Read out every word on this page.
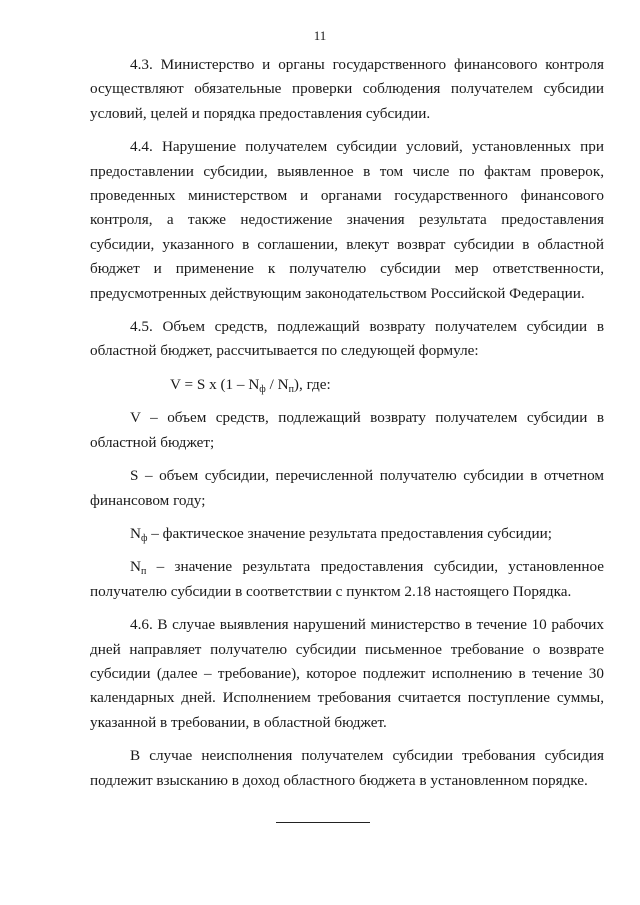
11

4.3. Министерство и органы государственного финансового контроля осуществляют обязательные проверки соблюдения получателем субсидии условий, целей и порядка предоставления субсидии.

4.4. Нарушение получателем субсидии условий, установленных при предоставлении субсидии, выявленное в том числе по фактам проверок, проведенных министерством и органами государственного финансового контроля, а также недостижение значения результата предоставления субсидии, указанного в соглашении, влекут возврат субсидии в областной бюджет и применение к получателю субсидии мер ответственности, предусмотренных действующим законодательством Российской Федерации.

4.5. Объем средств, подлежащий возврату получателем субсидии в областной бюджет, рассчитывается по следующей формуле:

V = S x $(1 - N_ф / N_п)$, где:

V – объем средств, подлежащий возврату получателем субсидии в областной бюджет;

S – объем субсидии, перечисленной получателю субсидии в отчетном финансовом году;

$N_ф$ – фактическое значение результата предоставления субсидии;

$N_п$ – значение результата предоставления субсидии, установленное получателю субсидии в соответствии с пунктом 2.18 настоящего Порядка.

4.6. В случае выявления нарушений министерство в течение 10 рабочих дней направляет получателю субсидии письменное требование о возврате субсидии (далее – требование), которое подлежит исполнению в течение 30 календарных дней. Исполнением требования считается поступление суммы, указанной в требовании, в областной бюджет.

В случае неисполнения получателем субсидии требования субсидия подлежит взысканию в доход областного бюджета в установленном порядке.
